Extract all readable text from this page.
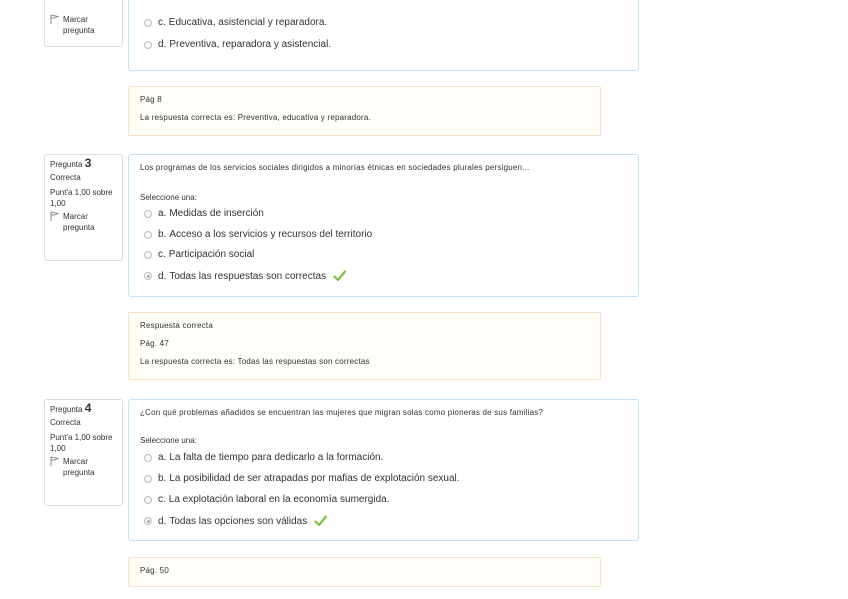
Marcar pregunta
c. Educativa, asistencial y reparadora.
d. Preventiva, reparadora y asistencial.
Pág 8
La respuesta correcta es: Preventiva, educativa y reparadora.
Pregunta 3
Correcta
Punt'a 1,00 sobre 1,00
Marcar pregunta
Los programas de los servicios sociales dirigidos a minorías étnicas en sociedades plurales persiguen...
Seleccione una:
a. Medidas de inserción
b. Acceso a los servicios y recursos del territorio
c. Participación social
d. Todas las respuestas son correctas
Respuesta correcta
Pág. 47
La respuesta correcta es: Todas las respuestas son correctas
Pregunta 4
Correcta
Punt'a 1,00 sobre 1,00
Marcar pregunta
¿Con qué problemas añadidos se encuentran las mujeres que migran solas como pioneras de sus familias?
Seleccione una:
a. La falta de tiempo para dedicarlo a la formación.
b. La posibilidad de ser atrapadas por mafias de explotación sexual.
c. La explotación laboral en la economía sumergida.
d. Todas las opciones son válidas
Pág. 50
